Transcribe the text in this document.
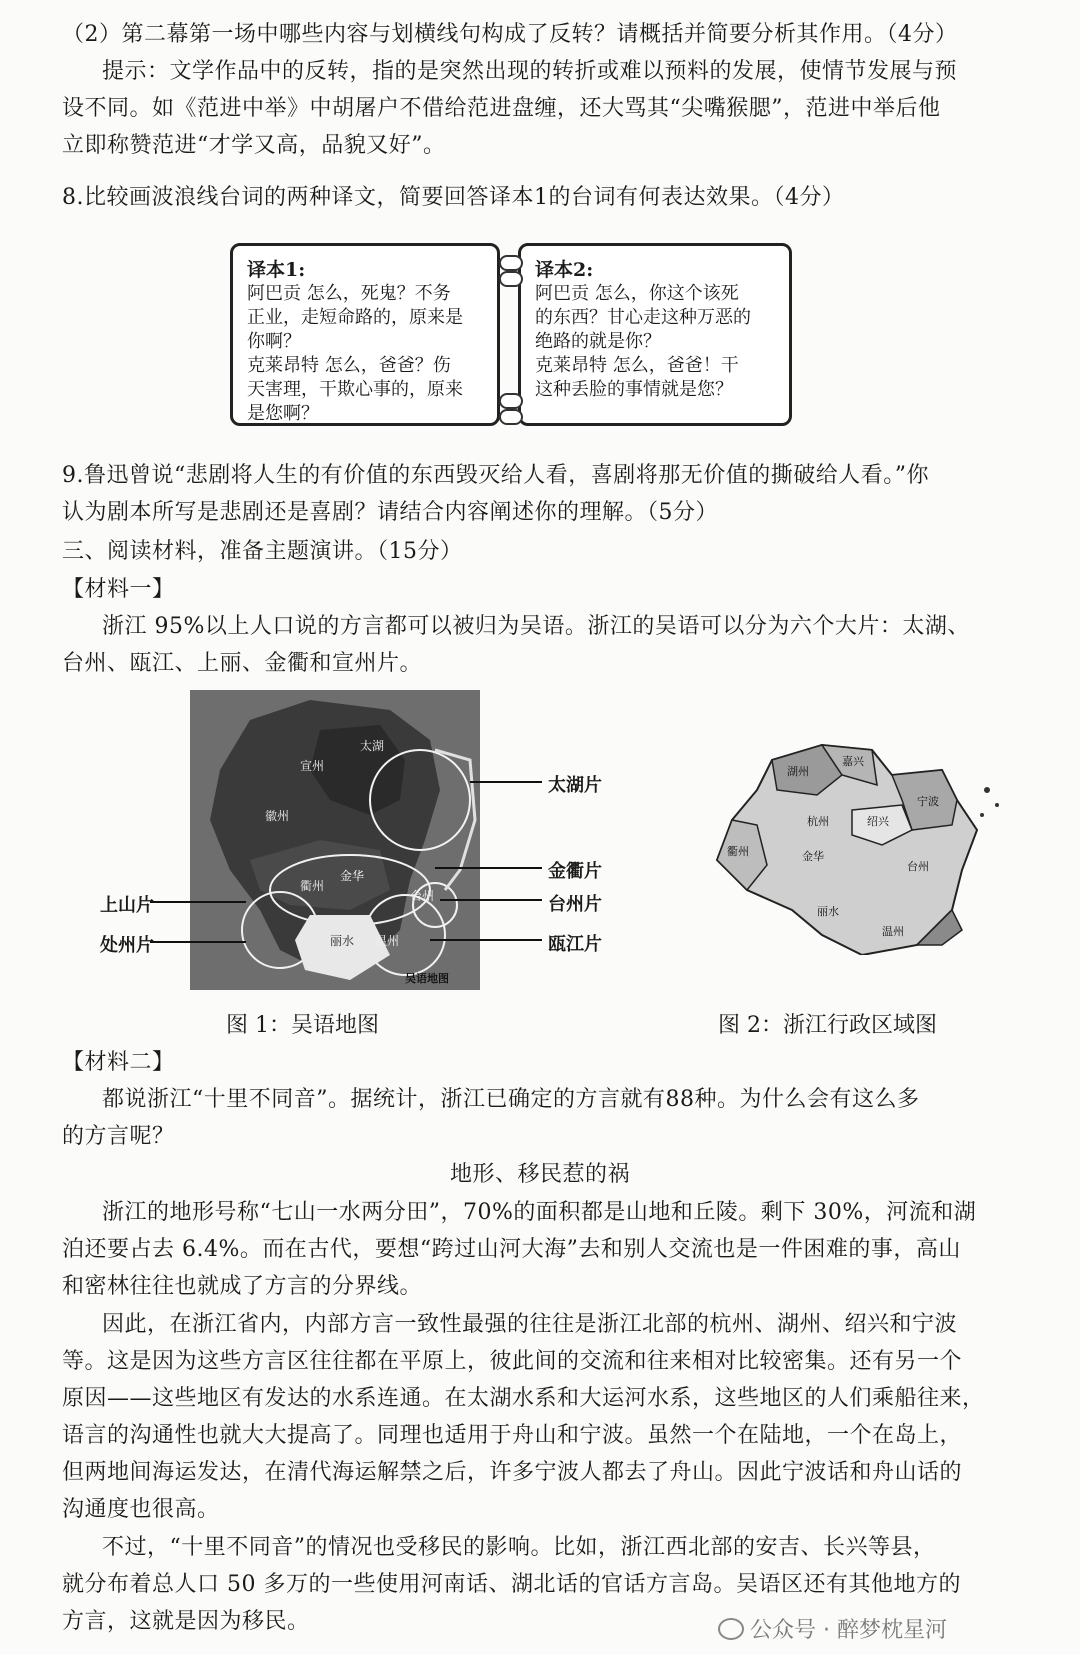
（2）第二幕第一场中哪些内容与划横线句构成了反转？请概括并简要分析其作用。（4分）
提示：文学作品中的反转，指的是突然出现的转折或难以预料的发展，使情节发展与预
设不同。如《范进中举》中胡屠户不借给范进盘缠，还大骂其“尖嘴猴腮”，范进中举后他
立即称赞范进“才学又高，品貌又好”。
8.比较画波浪线台词的两种译文，简要回答译本1的台词有何表达效果。（4分）
译本1:
阿巴贡 怎么，死鬼？不务
正业，走短命路的，原来是
你啊？
克莱昂特 怎么，爸爸？伤
天害理，干欺心事的，原来
是您啊？
译本2:
阿巴贡 怎么，你这个该死
的东西？甘心走这种万恶的
绝路的就是你？
克莱昂特 怎么，爸爸！干
这种丢脸的事情就是您？
9.鲁迅曾说“悲剧将人生的有价值的东西毁灭给人看，喜剧将那无价值的撕破给人看。”你
认为剧本所写是悲剧还是喜剧？请结合内容阐述你的理解。（5分）
三、阅读材料，准备主题演讲。（15分）
【材料一】
浙江 95%以上人口说的方言都可以被归为吴语。浙江的吴语可以分为六个大片：太湖、
台州、瓯江、上丽、金衢和宣州片。
太湖
宣州
徽州
金华
衢州
丽水 温州
台州
吴语地图
太湖片
金衢片
台州片
瓯江片
上山片
处州片
湖州
嘉兴
杭州	绍兴
宁波
衢州	金华
台州
丽水
温州
图 1：吴语地图	图 2：浙江行政区域图
【材料二】
都说浙江“十里不同音”。据统计，浙江已确定的方言就有88种。为什么会有这么多
的方言呢？
地形、移民惹的祸
浙江的地形号称“七山一水两分田”，70%的面积都是山地和丘陵。剩下 30%，河流和湖
泊还要占去 6.4%。而在古代，要想“跨过山河大海”去和别人交流也是一件困难的事，高山
和密林往往也就成了方言的分界线。
因此，在浙江省内，内部方言一致性最强的往往是浙江北部的杭州、湖州、绍兴和宁波
等。这是因为这些方言区往往都在平原上，彼此间的交流和往来相对比较密集。还有另一个
原因——这些地区有发达的水系连通。在太湖水系和大运河水系，这些地区的人们乘船往来，
语言的沟通性也就大大提高了。同理也适用于舟山和宁波。虽然一个在陆地，一个在岛上，
但两地间海运发达，在清代海运解禁之后，许多宁波人都去了舟山。因此宁波话和舟山话的
沟通度也很高。
不过，“十里不同音”的情况也受移民的影响。比如，浙江西北部的安吉、长兴等县，
就分布着总人口 50 多万的一些使用河南话、湖北话的官话方言岛。吴语区还有其他地方的
方言，这就是因为移民。	公众号 · 醉梦枕星河
